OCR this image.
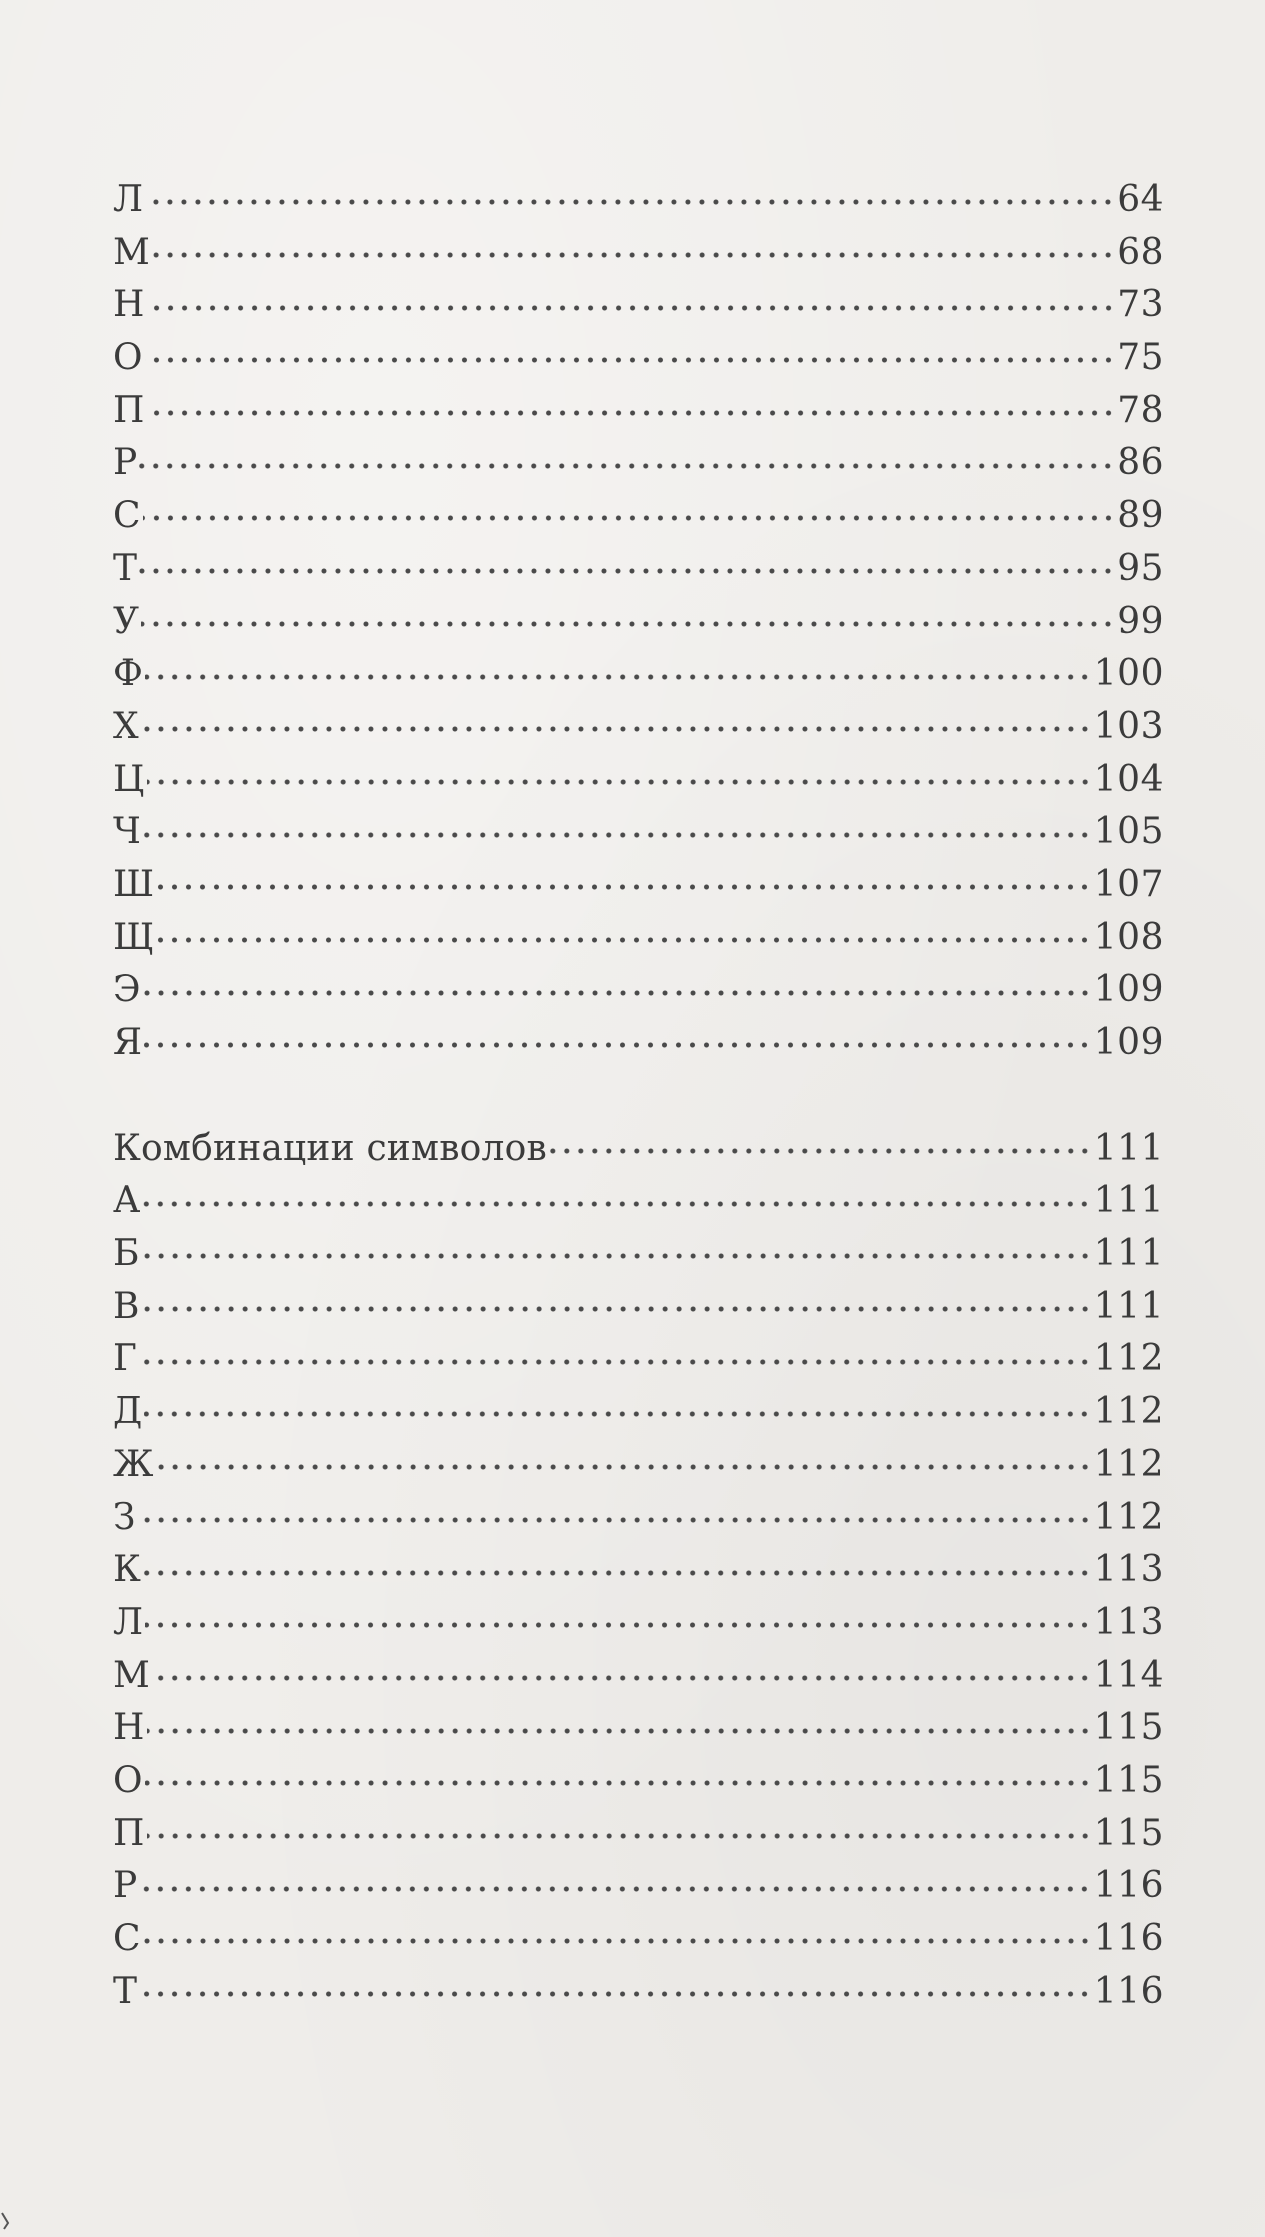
Л	64
М	68
Н	73
О	75
П	78
Р	86
С	89
Т	95
У	99
Ф	100
Х	103
Ц	104
Ч	105
Ш	107
Щ	108
Э	109
Я	109
Комбинации символов	111
А	111
Б	111
В	111
Г	112
Д	112
Ж	112
З	112
К	113
Л	113
М	114
Н	115
О	115
П	115
Р	116
С	116
Т	116
